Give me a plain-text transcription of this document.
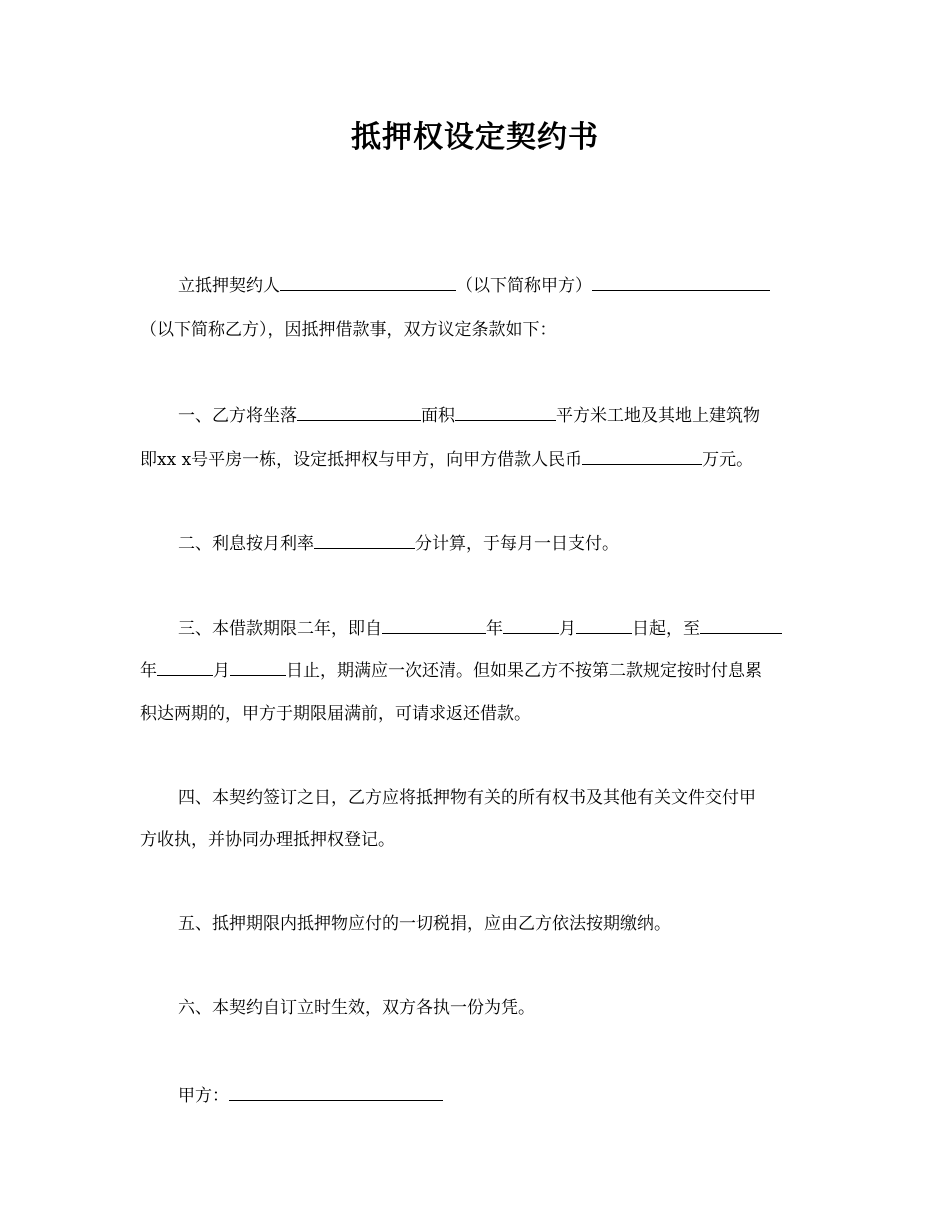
抵押权设定契约书
立抵押契约人	（以下简称甲方）
（以下简称乙方），因抵押借款事，双方议定条款如下：
一、乙方将坐落	面积	平方米工地及其地上建筑物
即xx x号平房一栋，设定抵押权与甲方，向甲方借款人民币	万元。
二、利息按月利率	分计算，于每月一日支付。
三、本借款期限二年，即自	年	月	日起，至
年	月	日止，期满应一次还清。但如果乙方不按第二款规定按时付息累
积达两期的，甲方于期限届满前，可请求返还借款。
四、本契约签订之日，乙方应将抵押物有关的所有权书及其他有关文件交付甲
方收执，并协同办理抵押权登记。
五、抵押期限内抵押物应付的一切税捐，应由乙方依法按期缴纳。
六、本契约自订立时生效，双方各执一份为凭。
甲方：
